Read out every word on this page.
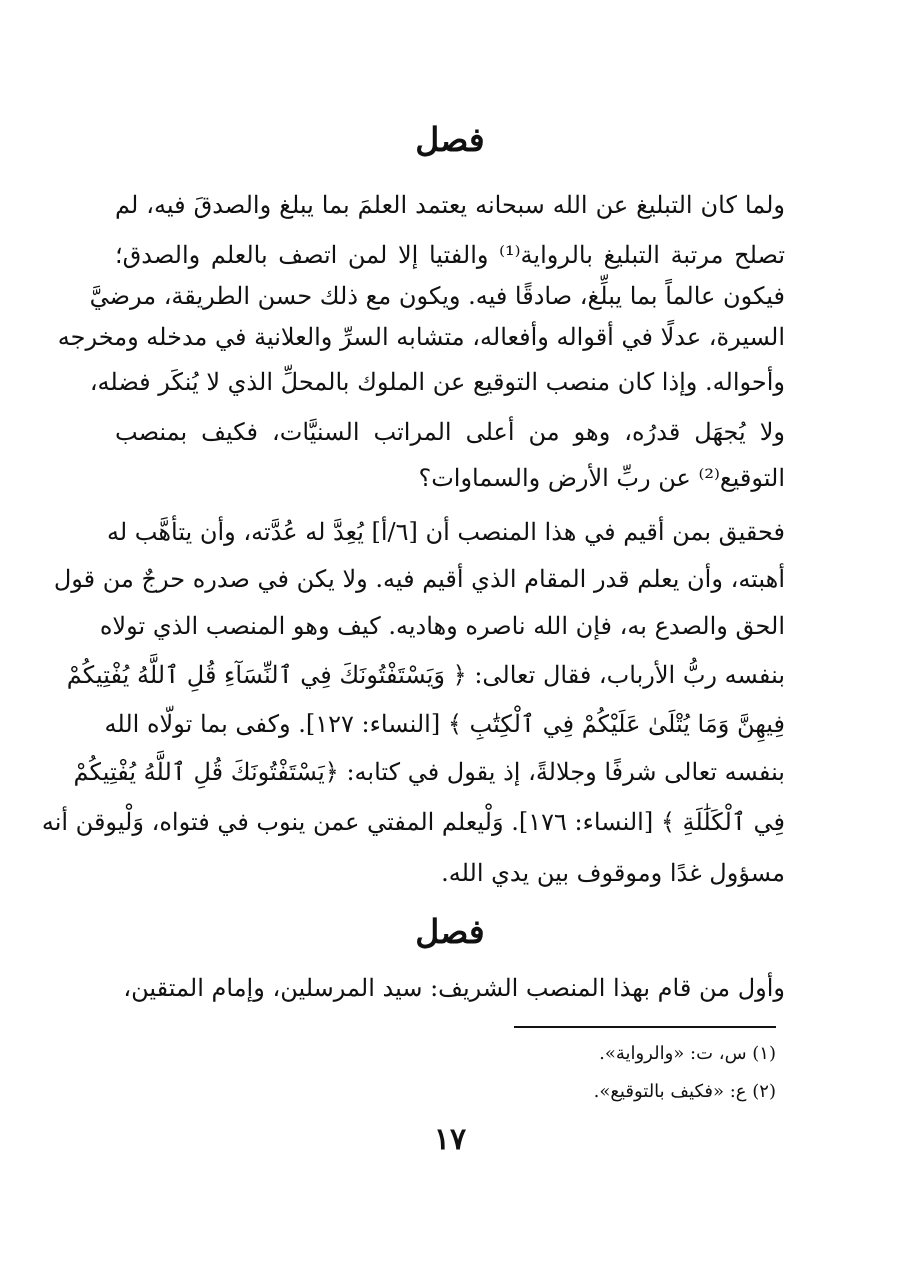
فصل
ولما كان التبليغ عن الله سبحانه يعتمد العلمَ بما يبلغ والصدقَ فيه، لم
تصلح مرتبة التبليغ بالرواية⁽¹⁾ والفتيا إلا لمن اتصف بالعلم والصدق؛
فيكون عالماً بما يبلِّغ، صادقًا فيه. ويكون مع ذلك حسن الطريقة، مرضيَّ
السيرة، عدلًا في أقواله وأفعاله، متشابه السرِّ والعلانية في مدخله ومخرجه
وأحواله. وإذا كان منصب التوقيع عن الملوك بالمحلِّ الذي لا يُنكَر فضله،
ولا يُجهَل قدرُه، وهو من أعلى المراتب السنيَّات، فكيف بمنصب
التوقيع⁽²⁾ عن ربِّ الأرض والسماوات؟
فحقيق بمن أقيم في هذا المنصب أن [٦/أ] يُعِدَّ له عُدَّته، وأن يتأهَّب له
أهبته، وأن يعلم قدر المقام الذي أقيم فيه. ولا يكن في صدره حرجٌ من قول
الحق والصدع به، فإن الله ناصره وهاديه. كيف وهو المنصب الذي تولاه
بنفسه ربُّ الأرباب، فقال تعالى: ﴿ وَيَسْتَفْتُونَكَ فِي ٱلنِّسَآءِ قُلِ ٱللَّهُ يُفْتِيكُمْ
فِيهِنَّ وَمَا يُتْلَىٰ عَلَيْكُمْ فِي ٱلْكِتَٰبِ ﴾ [النساء: ١٢٧]. وكفى بما تولّاه الله
بنفسه تعالى شرفًا وجلالةً، إذ يقول في كتابه: ﴿يَسْتَفْتُونَكَ قُلِ ٱللَّهُ يُفْتِيكُمْ
فِي ٱلْكَلَٰلَةِ ﴾ [النساء: ١٧٦]. وَلْيعلم المفتي عمن ينوب في فتواه، وَلْيوقن أنه
مسؤول غدًا وموقوف بين يدي الله.
فصل
وأول من قام بهذا المنصب الشريف: سيد المرسلين، وإمام المتقين،
(١) س، ت: «والرواية».
(٢) ع: «فكيف بالتوقيع».
١٧
